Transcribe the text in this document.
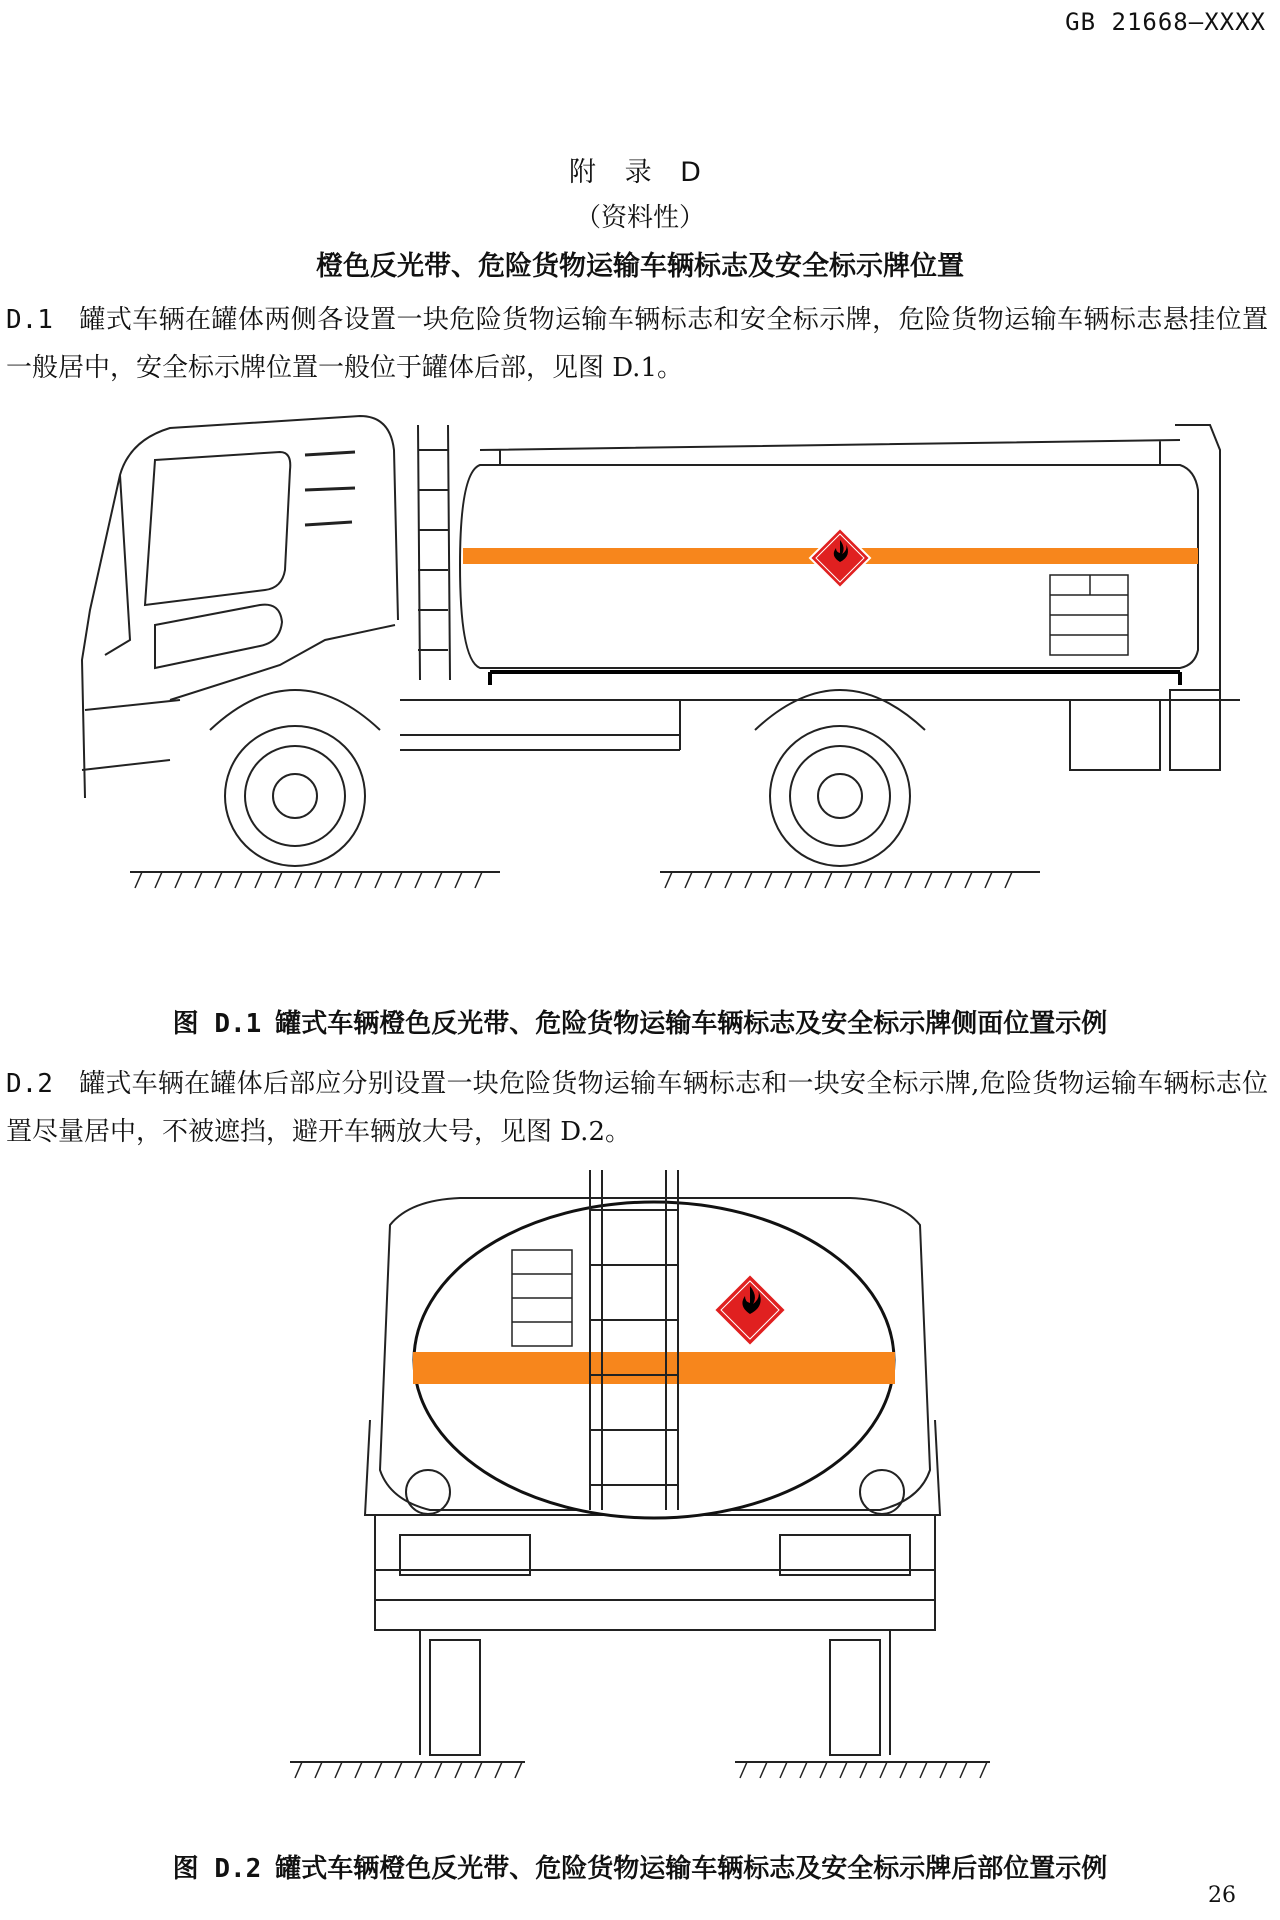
GB 21668—XXXX
附 录 D
（资料性）
橙色反光带、危险货物运输车辆标志及安全标示牌位置
D.1 罐式车辆在罐体两侧各设置一块危险货物运输车辆标志和安全标示牌，危险货物运输车辆标志悬挂位置一般居中，安全标示牌位置一般位于罐体后部，见图 D.1。
图 D.1 罐式车辆橙色反光带、危险货物运输车辆标志及安全标示牌侧面位置示例
D.2 罐式车辆在罐体后部应分别设置一块危险货物运输车辆标志和一块安全标示牌,危险货物运输车辆标志位置尽量居中，不被遮挡，避开车辆放大号，见图 D.2。
图 D.2 罐式车辆橙色反光带、危险货物运输车辆标志及安全标示牌后部位置示例
26
